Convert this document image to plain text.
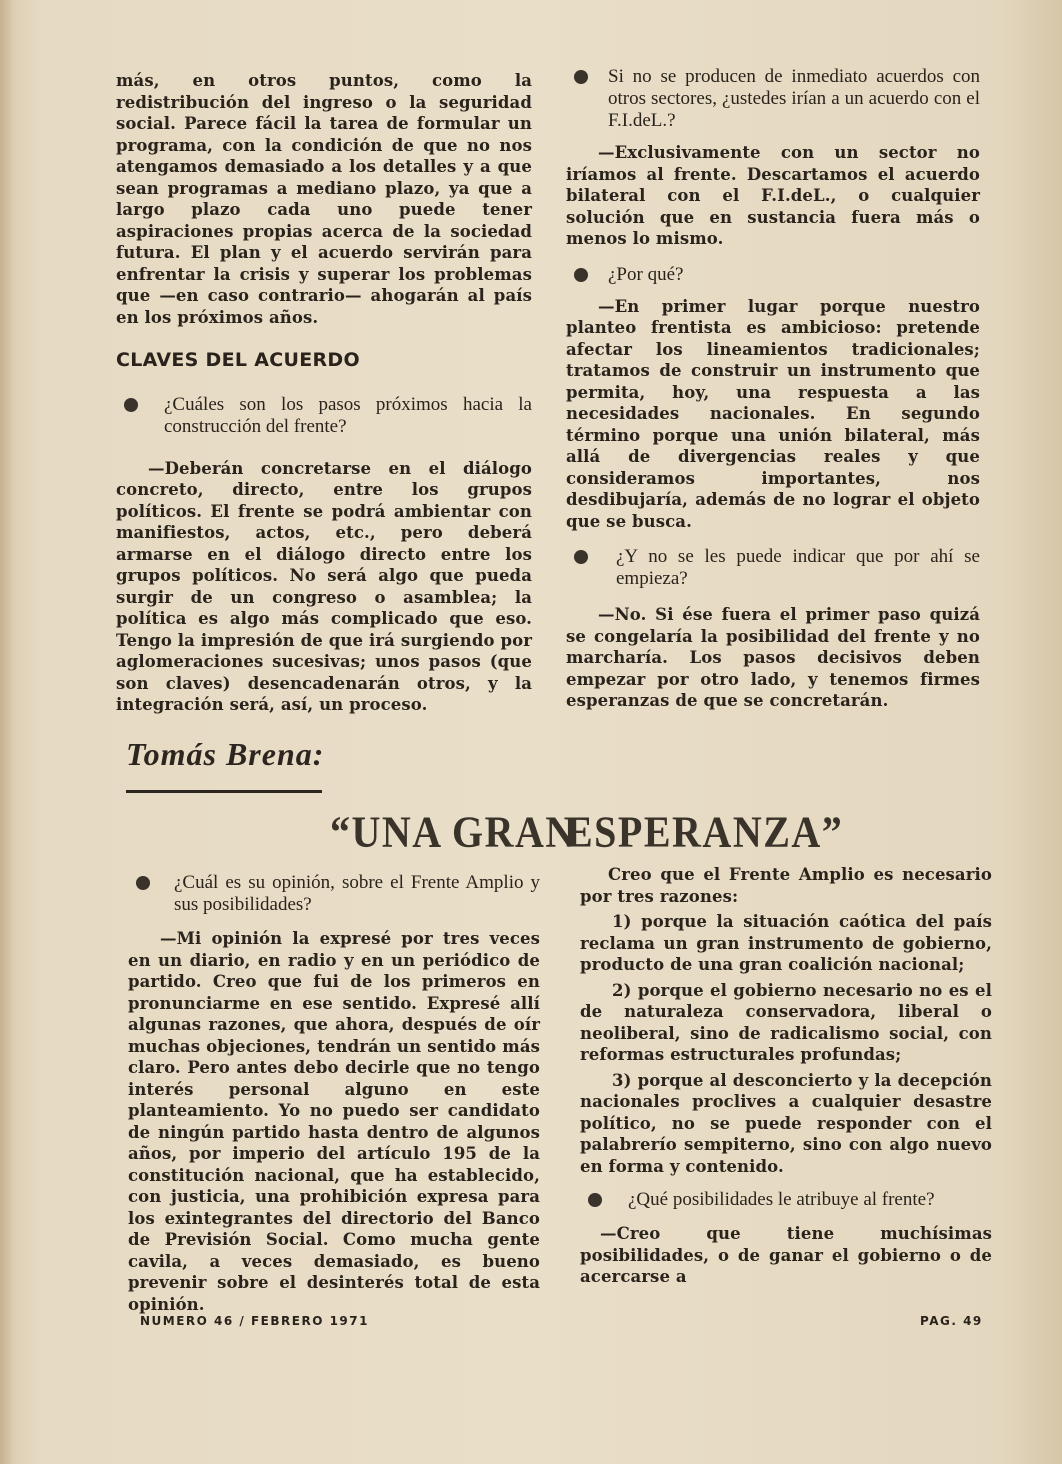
más, en otros puntos, como la redistribución del ingreso o la seguridad social. Parece fácil la tarea de formular un programa, con la condición de que no nos atengamos demasiado a los detalles y a que sean programas a mediano plazo, ya que a largo plazo cada uno puede tener aspiraciones propias acerca de la sociedad futura. El plan y el acuerdo servirán para enfrentar la crisis y superar los problemas que —en caso contrario— ahogarán al país en los próximos años.

CLAVES DEL ACUERDO
¿Cuáles son los pasos próximos hacia la construcción del frente?

—Deberán concretarse en el diálogo concreto, directo, entre los grupos políticos. El frente se podrá ambientar con manifiestos, actos, etc., pero deberá armarse en el diálogo directo entre los grupos políticos. No será algo que pueda surgir de un congreso o asamblea; la política es algo más complicado que eso. Tengo la impresión de que irá surgiendo por aglomeraciones sucesivas; unos pasos (que son claves) desencadenarán otros, y la integración será, así, un proceso.

Si no se producen de inmediato acuerdos con otros sectores, ¿ustedes irían a un acuerdo con el F.I.deL.?

—Exclusivamente con un sector no iríamos al frente. Descartamos el acuerdo bilateral con el F.I.deL., o cualquier solución que en sustancia fuera más o menos lo mismo.

¿Por qué?

—En primer lugar porque nuestro planteo frentista es ambicioso: pretende afectar los lineamientos tradicionales; tratamos de construir un instrumento que permita, hoy, una respuesta a las necesidades nacionales. En segundo término porque una unión bilateral, más allá de divergencias reales y que consideramos importantes, nos desdibujaría, además de no lograr el objeto que se busca.

¿Y no se les puede indicar que por ahí se empieza?

—No. Si ése fuera el primer paso quizá se congelaría la posibilidad del frente y no marcharía. Los pasos decisivos deben empezar por otro lado, y tenemos firmes esperanzas de que se concretarán.

Tomás Brena:
“UNA GRAN
ESPERANZA”
¿Cuál es su opinión, sobre el Frente Amplio y sus posibilidades?

—Mi opinión la expresé por tres veces en un diario, en radio y en un periódico de partido. Creo que fui de los primeros en pronunciarme en ese sentido. Expresé allí algunas razones, que ahora, después de oír muchas objeciones, tendrán un sentido más claro. Pero antes debo decirle que no tengo interés personal alguno en este planteamiento. Yo no puedo ser candidato de ningún partido hasta dentro de algunos años, por imperio del artículo 195 de la constitución nacional, que ha establecido, con justicia, una prohibición expresa para los exintegrantes del directorio del Banco de Previsión Social. Como mucha gente cavila, a veces demasiado, es bueno prevenir sobre el desinterés total de esta opinión.

Creo que el Frente Amplio es necesario por tres razones:

1) porque la situación caótica del país reclama un gran instrumento de gobierno, producto de una gran coalición nacional;

2) porque el gobierno necesario no es el de naturaleza conservadora, liberal o neoliberal, sino de radicalismo social, con reformas estructurales profundas;

3) porque al desconcierto y la decepción nacionales proclives a cualquier desastre político, no se puede responder con el palabrerío sempiterno, sino con algo nuevo en forma y contenido.

¿Qué posibilidades le atribuye al frente?

—Creo que tiene muchísimas posibilidades, o de ganar el gobierno o de acercarse a

NUMERO 46 / FEBRERO 1971	PAG. 49
